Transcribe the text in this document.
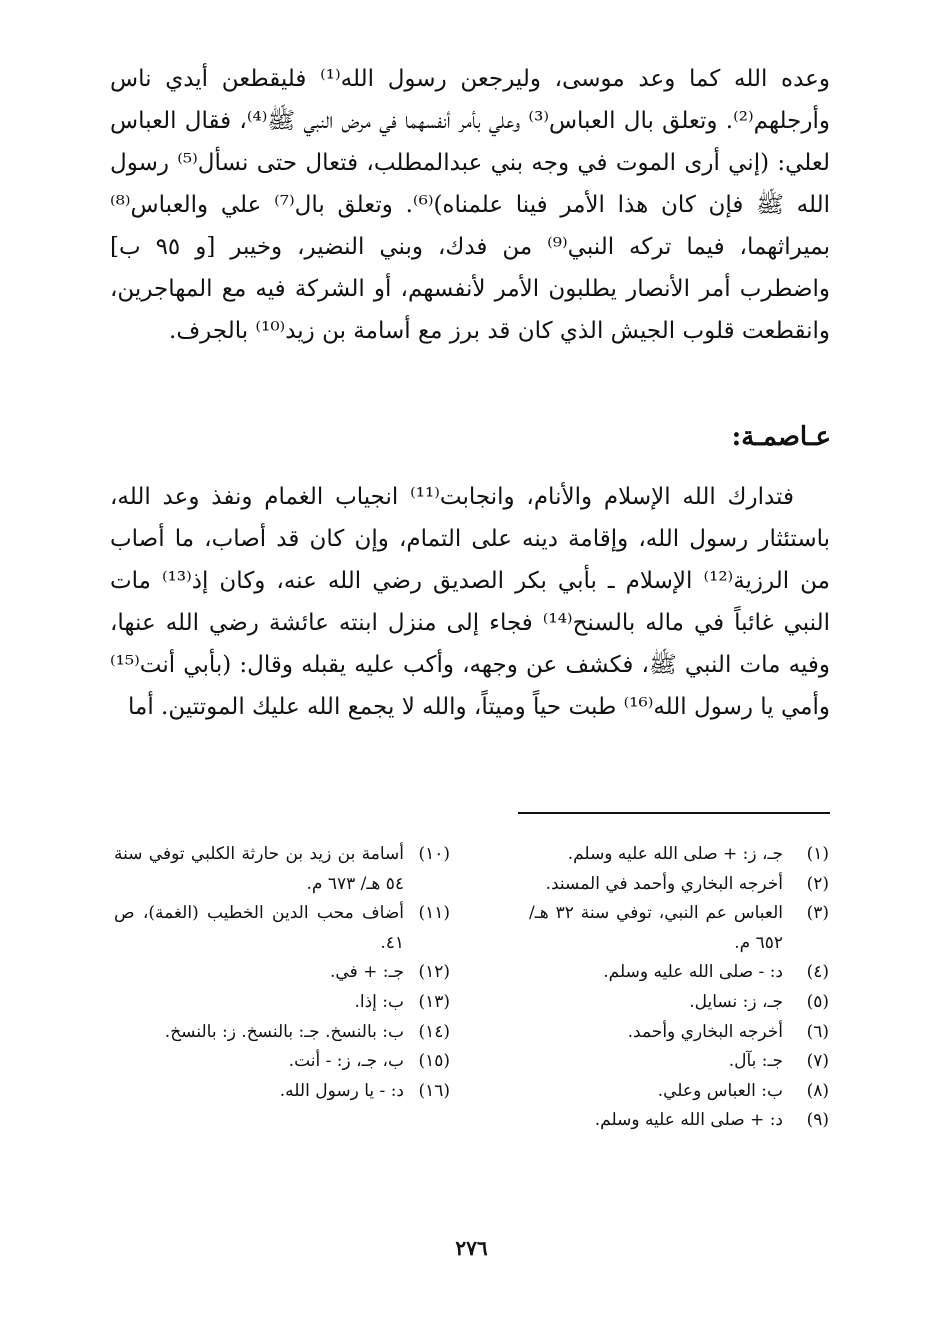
وعده الله كما وعد موسى، وليرجعن رسول الله⁽¹⁾ فليقطعن أيدي ناس وأرجلهم⁽²⁾. وتعلق بال العباس⁽³⁾ وعلي بأمر أنفسهما في مرض النبي ﷺ⁽⁴⁾، فقال العباس لعلي: (إني أرى الموت في وجه بني عبدالمطلب، فتعال حتى نسأل⁽⁵⁾ رسول الله ﷺ فإن كان هذا الأمر فينا علمناه)⁽⁶⁾. وتعلق بال⁽⁷⁾ علي والعباس⁽⁸⁾ بميراثهما، فيما تركه النبي⁽⁹⁾ من فدك، وبني النضير، وخيبر [و ٩٥ ب] واضطرب أمر الأنصار يطلبون الأمر لأنفسهم، أو الشركة فيه مع المهاجرين، وانقطعت قلوب الجيش الذي كان قد برز مع أسامة بن زيد⁽¹⁰⁾ بالجرف.

عـاصمـة:

فتدارك الله الإسلام والأنام، وانجابت⁽¹¹⁾ انجياب الغمام ونفذ وعد الله، باستئثار رسول الله، وإقامة دينه على التمام، وإن كان قد أصاب، ما أصاب من الرزية⁽¹²⁾ الإسلام ـ بأبي بكر الصديق رضي الله عنه، وكان إذ⁽¹³⁾ مات النبي غائباً في ماله بالسنح⁽¹⁴⁾ فجاء إلى منزل ابنته عائشة رضي الله عنها، وفيه مات النبي ﷺ، فكشف عن وجهه، وأكب عليه يقبله وقال: (بأبي أنت⁽¹⁵⁾ وأمي يا رسول الله⁽¹⁶⁾ طبت حياً وميتاً، والله لا يجمع الله عليك الموتتين. أما

(١)
جـ، ز: + صلى الله عليه وسلم.
(٢)
أخرجه البخاري وأحمد في المسند.
(٣)
العباس عم النبي، توفي سنة ٣٢ هـ/ ٦٥٢ م.
(٤)
د: - صلى الله عليه وسلم.
(٥)
جـ، ز: نسايل.
(٦)
أخرجه البخاري وأحمد.
(٧)
جـ: بآل.
(٨)
ب: العباس وعلي.
(٩)
د: + صلى الله عليه وسلم.
(١٠)
أسامة بن زيد بن حارثة الكلبي توفي سنة ٥٤ هـ/ ٦٧٣ م.
(١١)
أضاف محب الدين الخطيب (الغمة)، ص ٤١.
(١٢)
جـ: + في.
(١٣)
ب: إذا.
(١٤)
ب: بالنسخ. جـ: بالنسخ. ز: بالنسخ.
(١٥)
ب، جـ، ز: - أنت.
(١٦)
د: - يا رسول الله.
٢٧٦
